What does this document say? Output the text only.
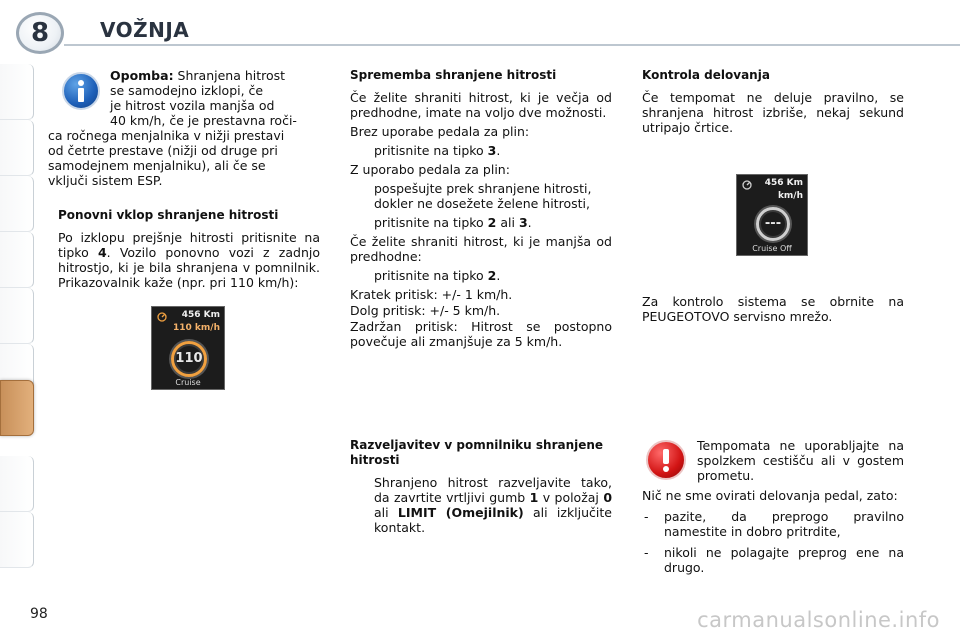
8	VOŽNJA
Opomba: Shranjena hitrost
se samodejno izklopi, če
je hitrost vozila manjša od
40 km/h, če je prestavna roči-
ca ročnega menjalnika v nižji prestavi
od četrte prestave (nižji od druge pri
samodejnem menjalniku), ali če se
vključi sistem ESP.
Ponovni vklop shranjene hitrosti

Po izklopu prejšnje hitrosti pritisnite na tipko 4. Vozilo ponovno vozi z zadnjo hitrostjo, ki je bila shranjena v pomnilnik. Prikazovalnik kaže (npr. pri 110 km/h):

456 Km
110 km/h
110
Cruise
Sprememba shranjene hitrosti

Če želite shraniti hitrost, ki je večja od predhodne, imate na voljo dve možnosti.

Brez uporabe pedala za plin:

pritisnite na tipko 3.

Z uporabo pedala za plin:

pospešujte prek shranjene hitrosti, dokler ne dosežete želene hitrosti,
pritisnite na tipko 2 ali 3.

Če želite shraniti hitrost, ki je manjša od predhodne:

pritisnite na tipko 2.

Kratek pritisk: +/- 1 km/h.

Dolg pritisk: +/- 5 km/h.

Zadržan pritisk: Hitrost se postopno povečuje ali zmanjšuje za 5 km/h.

Razveljavitev v pomnilniku shranjene hitrosti
Shranjeno hitrost razveljavite tako, da zavrtite vrtljivi gumb 1 v položaj 0 ali LIMIT (Omejilnik) ali izključite kontakt.
Kontrola delovanja

Če tempomat ne deluje pravilno, se shranjena hitrost izbriše, nekaj sekund utripajo črtice.

456 Km
km/h
---
Cruise Off

Za kontrolo sistema se obrnite na PEUGEOTOVO servisno mrežo.

Tempomata ne uporabljajte na spolzkem cestišču ali v gostem prometu.

Nič ne sme ovirati delovanja pedal, zato:

- pazite, da preprogo pravilno namestite in dobro pritrdite,
- nikoli ne polagajte preprog ene na drugo.
98	carmanualsonline.info
